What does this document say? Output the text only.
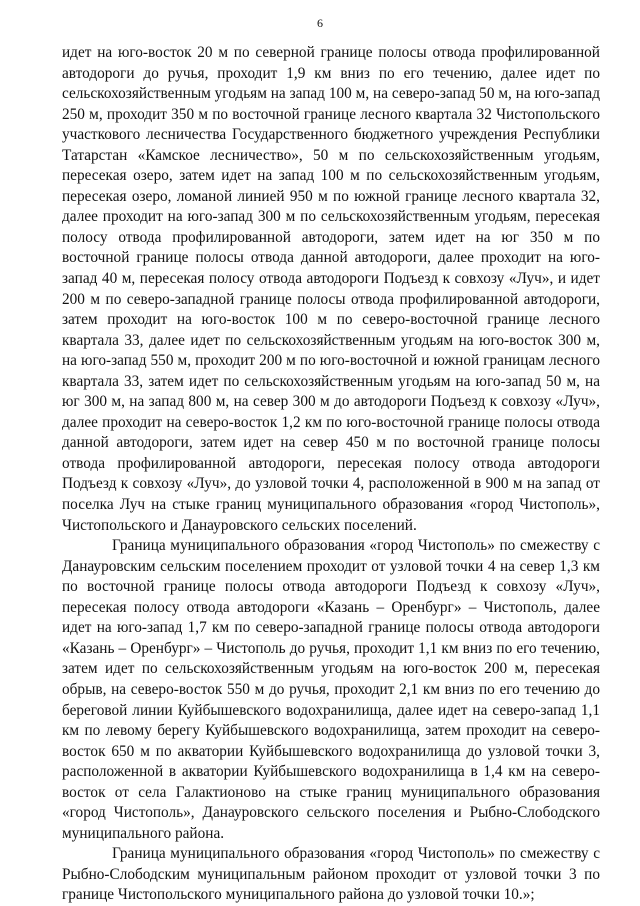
6

идет на юго-восток 20 м по северной границе полосы отвода профилированной автодороги до ручья, проходит 1,9 км вниз по его течению, далее идет по сельскохозяйственным угодьям на запад 100 м, на северо-запад 50 м, на юго-запад 250 м, проходит 350 м по восточной границе лесного квартала 32 Чистопольского участкового лесничества Государственного бюджетного учреждения Республики Татарстан «Камское лесничество», 50 м по сельскохозяйственным угодьям, пересекая озеро, затем идет на запад 100 м по сельскохозяйственным угодьям, пересекая озеро, ломаной линией 950 м по южной границе лесного квартала 32, далее проходит на юго-запад 300 м по сельскохозяйственным угодьям, пересекая полосу отвода профилированной автодороги, затем идет на юг 350 м по восточной границе полосы отвода данной автодороги, далее проходит на юго-запад 40 м, пересекая полосу отвода автодороги Подъезд к совхозу «Луч», и идет 200 м по северо-западной границе полосы отвода профилированной автодороги, затем проходит на юго-восток 100 м по северо-восточной границе лесного квартала 33, далее идет по сельскохозяйственным угодьям на юго-восток 300 м, на юго-запад 550 м, проходит 200 м по юго-восточной и южной границам лесного квартала 33, затем идет по сельскохозяйственным угодьям на юго-запад 50 м, на юг 300 м, на запад 800 м, на север 300 м до автодороги Подъезд к совхозу «Луч», далее проходит на северо-восток 1,2 км по юго-восточной границе полосы отвода данной автодороги, затем идет на север 450 м по восточной границе полосы отвода профилированной автодороги, пересекая полосу отвода автодороги Подъезд к совхозу «Луч», до узловой точки 4, расположенной в 900 м на запад от поселка Луч на стыке границ муниципального образования «город Чистополь», Чистопольского и Данауровского сельских поселений.

Граница муниципального образования «город Чистополь» по смежеству с Данауровским сельским поселением проходит от узловой точки 4 на север 1,3 км по восточной границе полосы отвода автодороги Подъезд к совхозу «Луч», пересекая полосу отвода автодороги «Казань – Оренбург» – Чистополь, далее идет на юго-запад 1,7 км по северо-западной границе полосы отвода автодороги «Казань – Оренбург» – Чистополь до ручья, проходит 1,1 км вниз по его течению, затем идет по сельскохозяйственным угодьям на юго-восток 200 м, пересекая обрыв, на северо-восток 550 м до ручья, проходит 2,1 км вниз по его течению до береговой линии Куйбышевского водохранилища, далее идет на северо-запад 1,1 км по левому берегу Куйбышевского водохранилища, затем проходит на северо-восток 650 м по акватории Куйбышевского водохранилища до узловой точки 3, расположенной в акватории Куйбышевского водохранилища в 1,4 км на северо-восток от села Галактионово на стыке границ муниципального образования «город Чистополь», Данауровского сельского поселения и Рыбно-Слободского муниципального района.

Граница муниципального образования «город Чистополь» по смежеству с Рыбно-Слободским муниципальным районом проходит от узловой точки 3 по границе Чистопольского муниципального района до узловой точки 10.»;
